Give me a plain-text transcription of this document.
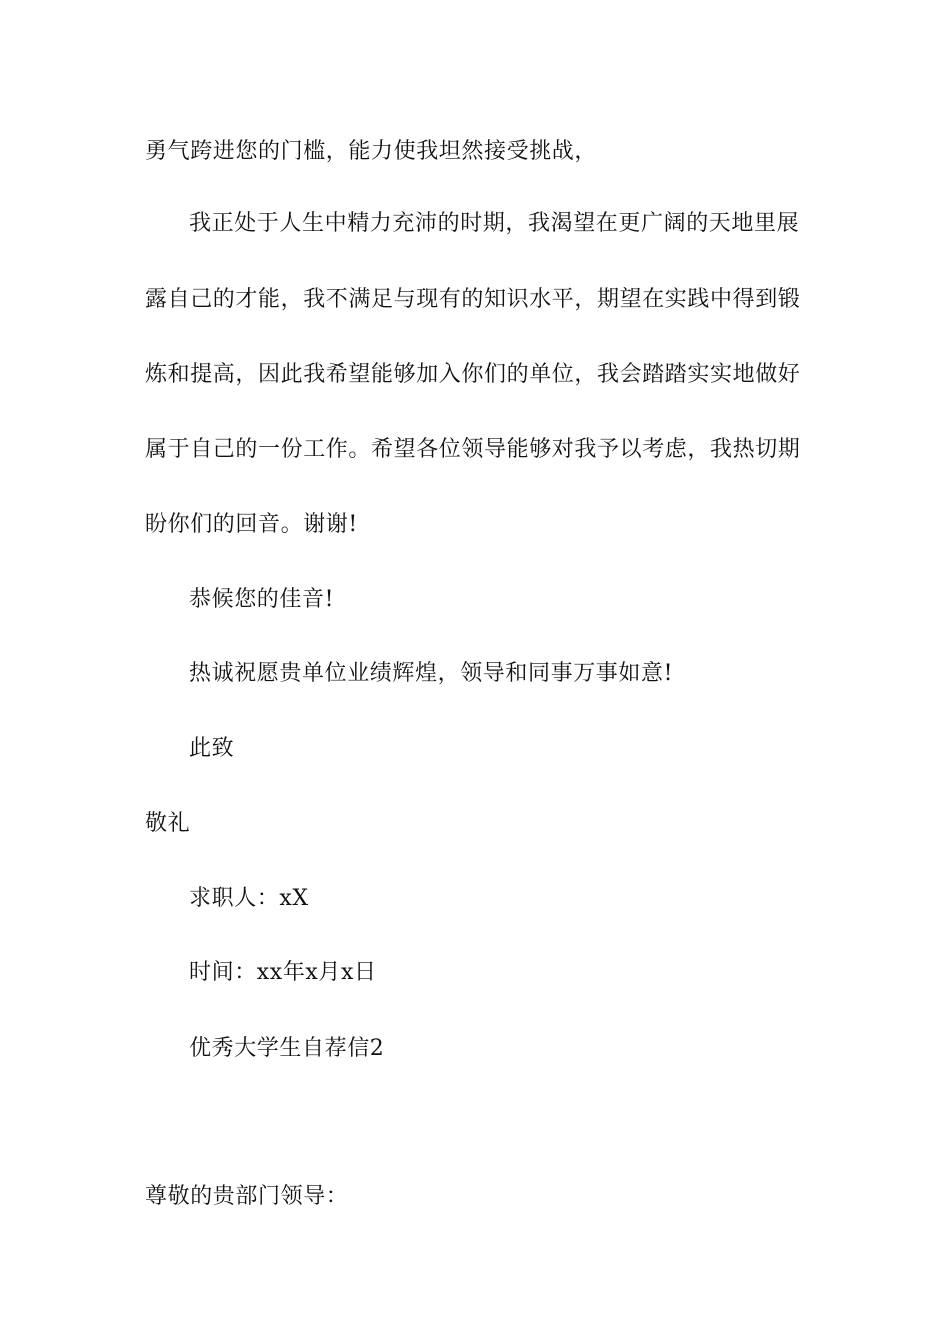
勇气跨进您的门槛，能力使我坦然接受挑战，
我正处于人生中精力充沛的时期，我渴望在更广阔的天地里展
露自己的才能，我不满足与现有的知识水平，期望在实践中得到锻
炼和提高，因此我希望能够加入你们的单位，我会踏踏实实地做好
属于自己的一份工作。希望各位领导能够对我予以考虑，我热切期
盼你们的回音。谢谢!
恭候您的佳音!
热诚祝愿贵单位业绩辉煌，领导和同事万事如意!
此致
敬礼
求职人：xX
时间：xx年x月x日
优秀大学生自荐信2
尊敬的贵部门领导：
